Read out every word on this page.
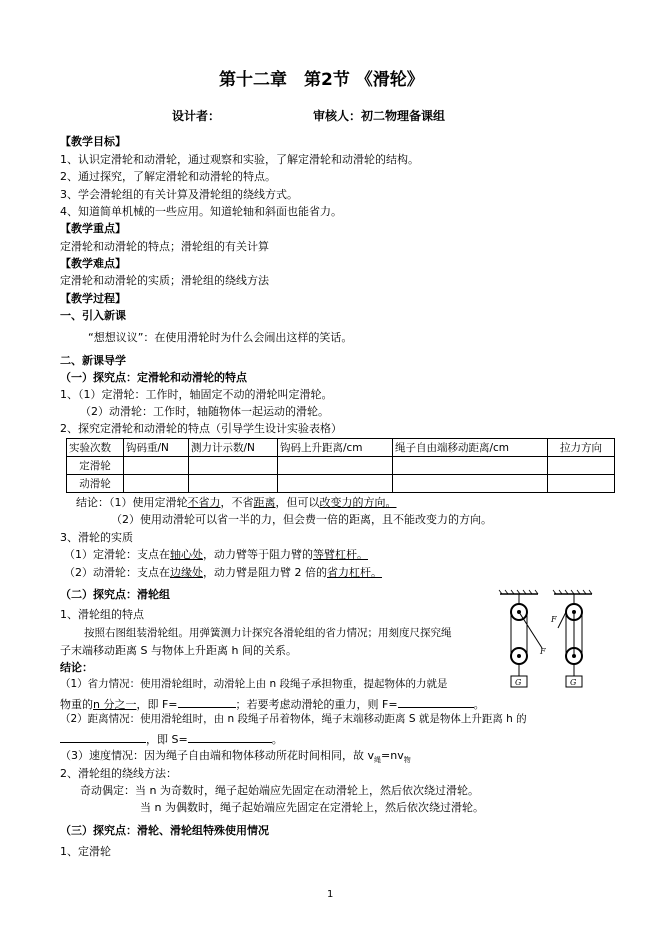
第十二章　第2节 《滑轮》
设计者：	审核人：初二物理备课组
【教学目标】
1、认识定滑轮和动滑轮，通过观察和实验，了解定滑轮和动滑轮的结构。
2、通过探究，了解定滑轮和动滑轮的特点。
3、学会滑轮组的有关计算及滑轮组的绕线方式。
4、知道简单机械的一些应用。知道轮轴和斜面也能省力。
【教学重点】
定滑轮和动滑轮的特点；滑轮组的有关计算
【教学难点】
定滑轮和动滑轮的实质；滑轮组的绕线方法
【教学过程】
一、引入新课
“想想议议”：在使用滑轮时为什么会闹出这样的笑话。
二、新课导学
（一）探究点：定滑轮和动滑轮的特点
1、（1）定滑轮：工作时，轴固定不动的滑轮叫定滑轮。
（2）动滑轮：工作时，轴随物体一起运动的滑轮。
2、探究定滑轮和动滑轮的特点（引导学生设计实验表格）
实验次数	钩码重/N	测力计示数/N	钩码上升距离/cm	绳子自由端移动距离/cm	拉力方向
定滑轮					
动滑轮					
结论：（1）使用定滑轮不省力，不省距离，但可以改变力的方向。
（2）使用动滑轮可以省一半的力，但会费一倍的距离，且不能改变力的方向。
3、滑轮的实质
（1）定滑轮：支点在轴心处，动力臂等于阻力臂的等臂杠杆。
（2）动滑轮：支点在边缘处，动力臂是阻力臂 2 倍的省力杠杆。
（二）探究点：滑轮组
1、滑轮组的特点
按照右图组装滑轮组。用弹簧测力计探究各滑轮组的省力情况；用刻度尺探究绳
子末端移动距离 S 与物体上升距离 h 间的关系。
结论：
（1）省力情况：使用滑轮组时，动滑轮上由 n 段绳子承担物重，提起物体的力就是
物重的n 分之一，即 F=	；若要考虑动滑轮的重力，则 F=	。
（2）距离情况：使用滑轮组时，由 n 段绳子吊着物体，绳子末端移动距离 S 就是物体上升距离 h 的
，即 S=	。
（3）速度情况：因为绳子自由端和物体移动所花时间相同，故 $v_绳=nv_物$
2、滑轮组的绕线方法：
奇动偶定：当 n 为奇数时，绳子起始端应先固定在动滑轮上，然后依次绕过滑轮。
当 n 为偶数时，绳子起始端应先固定在定滑轮上，然后依次绕过滑轮。
（三）探究点：滑轮、滑轮组特殊使用情况
1、定滑轮
G
F
G
F
1
